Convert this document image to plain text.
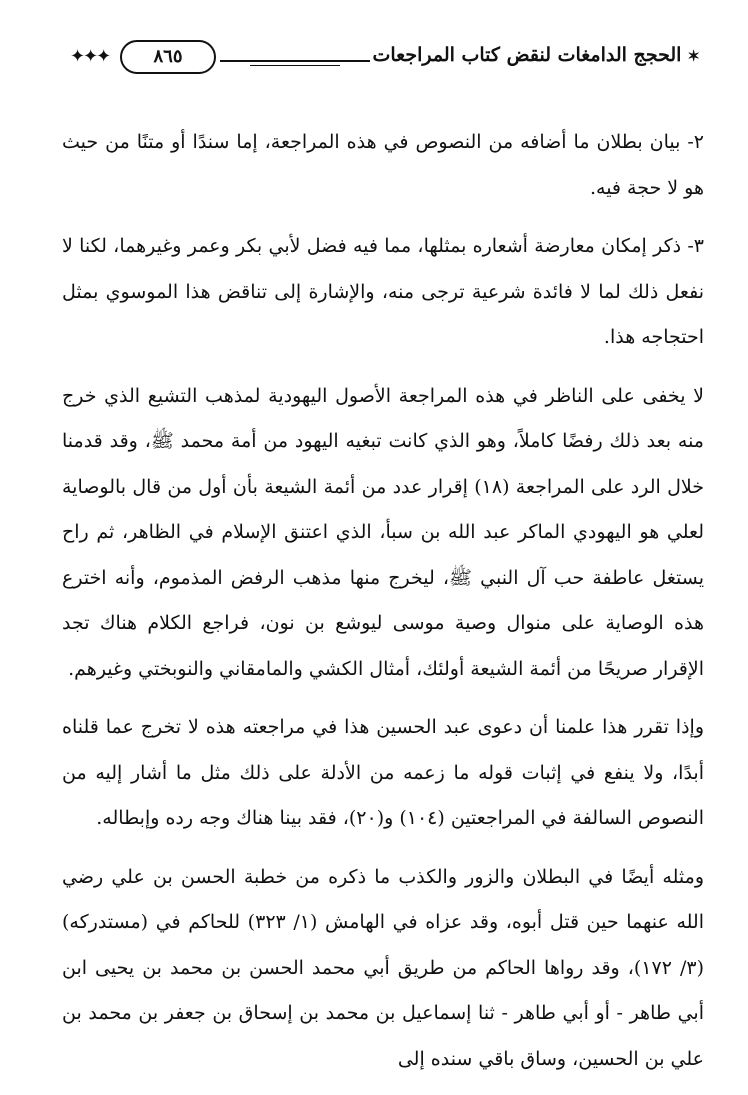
✶الحجج الدامغات لنقض كتاب المراجعات
٨٦٥
✦✦✦

٢- بيان بطلان ما أضافه من النصوص في هذه المراجعة، إما سندًا أو متنًا من حيث هو لا حجة فيه.

٣- ذكر إمكان معارضة أشعاره بمثلها، مما فيه فضل لأبي بكر وعمر وغيرهما، لكنا لا نفعل ذلك لما لا فائدة شرعية ترجى منه، والإشارة إلى تناقض هذا الموسوي بمثل احتجاجه هذا.

لا يخفى على الناظر في هذه المراجعة الأصول اليهودية لمذهب التشيع الذي خرج منه بعد ذلك رفضًا كاملاً، وهو الذي كانت تبغيه اليهود من أمة محمد ﷺ، وقد قدمنا خلال الرد على المراجعة (١٨) إقرار عدد من أئمة الشيعة بأن أول من قال بالوصاية لعلي هو اليهودي الماكر عبد الله بن سبأ، الذي اعتنق الإسلام في الظاهر، ثم راح يستغل عاطفة حب آل النبي ﷺ، ليخرج منها مذهب الرفض المذموم، وأنه اخترع هذه الوصاية على منوال وصية موسى ليوشع بن نون، فراجع الكلام هناك تجد الإقرار صريحًا من أئمة الشيعة أولئك، أمثال الكشي والمامقاني والنوبختي وغيرهم.

وإذا تقرر هذا علمنا أن دعوى عبد الحسين هذا في مراجعته هذه لا تخرج عما قلناه أبدًا، ولا ينفع في إثبات قوله ما زعمه من الأدلة على ذلك مثل ما أشار إليه من النصوص السالفة في المراجعتين (١٠٤) و(٢٠)، فقد بينا هناك وجه رده وإبطاله.

ومثله أيضًا في البطلان والزور والكذب ما ذكره من خطبة الحسن بن علي رضي الله عنهما حين قتل أبوه، وقد عزاه في الهامش (١/ ٣٢٣) للحاكم في (مستدركه) (٣/ ١٧٢)، وقد رواها الحاكم من طريق أبي محمد الحسن بن محمد بن يحيى ابن أبي طاهر - أو أبي طاهر - ثنا إسماعيل بن محمد بن إسحاق بن جعفر بن محمد بن علي بن الحسين، وساق باقي سنده إلى
